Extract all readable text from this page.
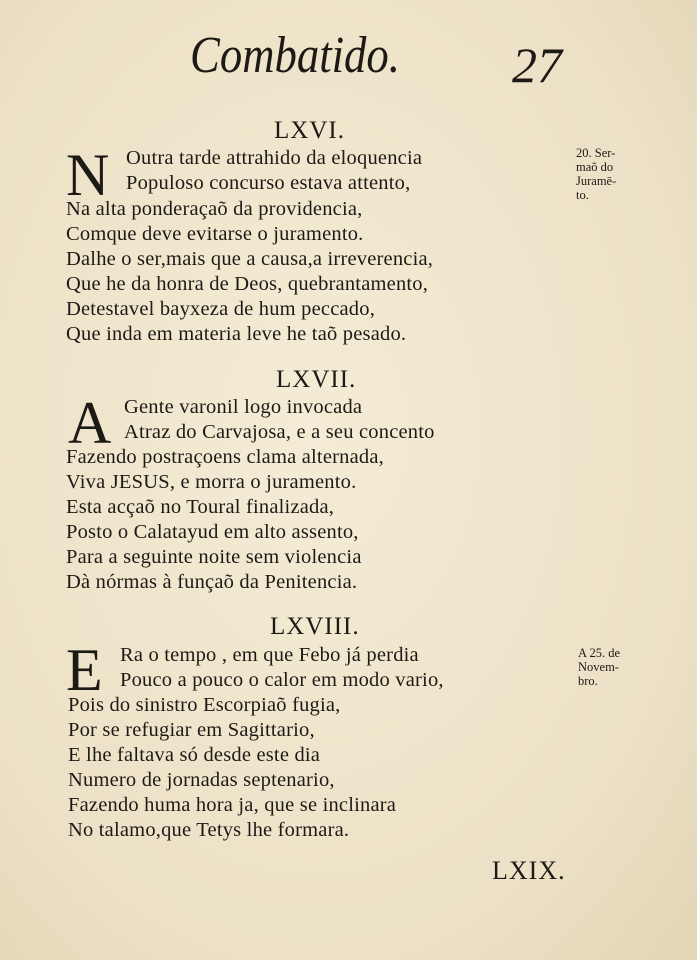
Combatido. 27
LXVI.
N Outra tarde attrahido da eloquencia
Populoso concurso estava attento,
Na alta ponderaçaõ da providencia,
Comque deve evitarse o juramento.
Dalhe o ser,mais que a causa,a irreverencia,
Que he da honra de Deos, quebrantamento,
Detestavel bayxeza de hum peccado,
Que inda em materia leve he taõ pesado.
20. Ser-
maõ do
Juramē-
to.
LXVII.
A Gente varonil logo invocada
Atraz do Carvajosa, e a seu concento
Fazendo postraçoens clama alternada,
Viva JESUS, e morra o juramento.
Esta acçaõ no Toural finalizada,
Posto o Calatayud em alto assento,
Para a seguinte noite sem violencia
Dà nórmas à funçaõ da Penitencia.
LXVIII.
E Ra o tempo , em que Febo já perdia
Pouco a pouco o calor em modo vario,
Pois do sinistro Escorpiaõ fugia,
Por se refugiar em Sagittario,
E lhe faltava só desde este dia
Numero de jornadas septenario,
Fazendo huma hora ja, que se inclinara
No talamo,que Tetys lhe formara.
A 25. de
Novem-
bro.
LXIX.
